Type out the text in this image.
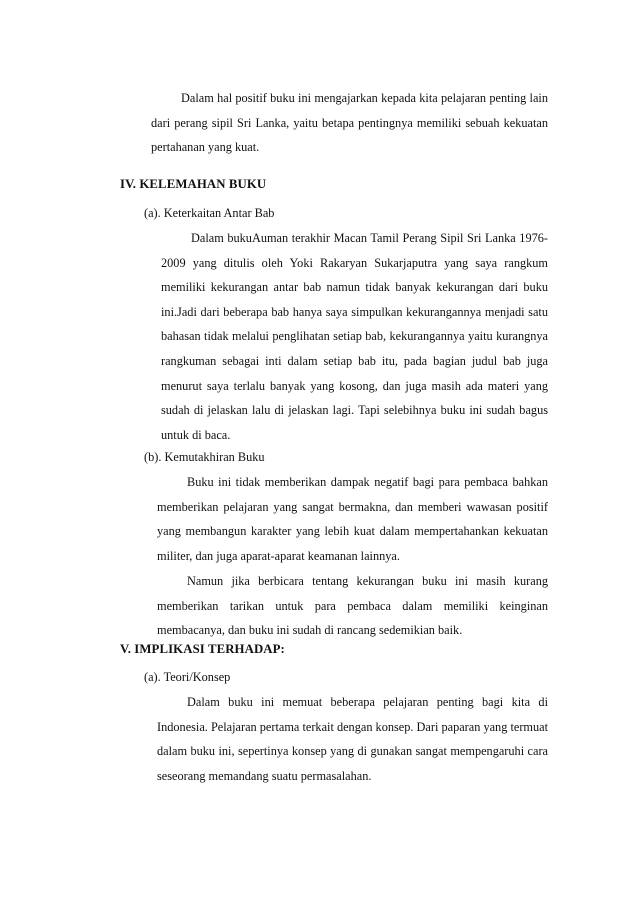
Dalam hal positif buku ini mengajarkan kepada kita pelajaran penting lain dari perang sipil Sri Lanka, yaitu betapa pentingnya memiliki sebuah kekuatan pertahanan yang kuat.

IV. KELEMAHAN BUKU

(a). Keterkaitan Antar Bab

Dalam bukuAuman terakhir Macan Tamil Perang Sipil Sri Lanka 1976-2009 yang ditulis oleh Yoki Rakaryan Sukarjaputra yang saya rangkum memiliki kekurangan antar bab namun tidak banyak kekurangan dari buku ini.Jadi dari beberapa bab hanya saya simpulkan kekurangannya menjadi satu bahasan tidak melalui penglihatan setiap bab, kekurangannya yaitu kurangnya rangkuman sebagai inti dalam setiap bab itu, pada bagian judul bab juga menurut saya terlalu banyak yang kosong, dan juga masih ada materi yang sudah di jelaskan lalu di jelaskan lagi. Tapi selebihnya buku ini sudah bagus untuk di baca.

(b). Kemutakhiran Buku

Buku ini tidak memberikan dampak negatif bagi para pembaca bahkan memberikan pelajaran yang sangat bermakna, dan memberi wawasan positif yang membangun karakter yang lebih kuat dalam mempertahankan kekuatan militer, dan juga aparat-aparat keamanan lainnya.

Namun jika berbicara tentang kekurangan buku ini masih kurang memberikan tarikan untuk para pembaca dalam memiliki keinginan membacanya, dan buku ini sudah di rancang sedemikian baik.

V. IMPLIKASI TERHADAP:

(a). Teori/Konsep

Dalam buku ini memuat beberapa pelajaran penting bagi kita di Indonesia. Pelajaran pertama terkait dengan konsep. Dari paparan yang termuat dalam buku ini, sepertinya konsep yang di gunakan sangat mempengaruhi cara seseorang memandang suatu permasalahan.
